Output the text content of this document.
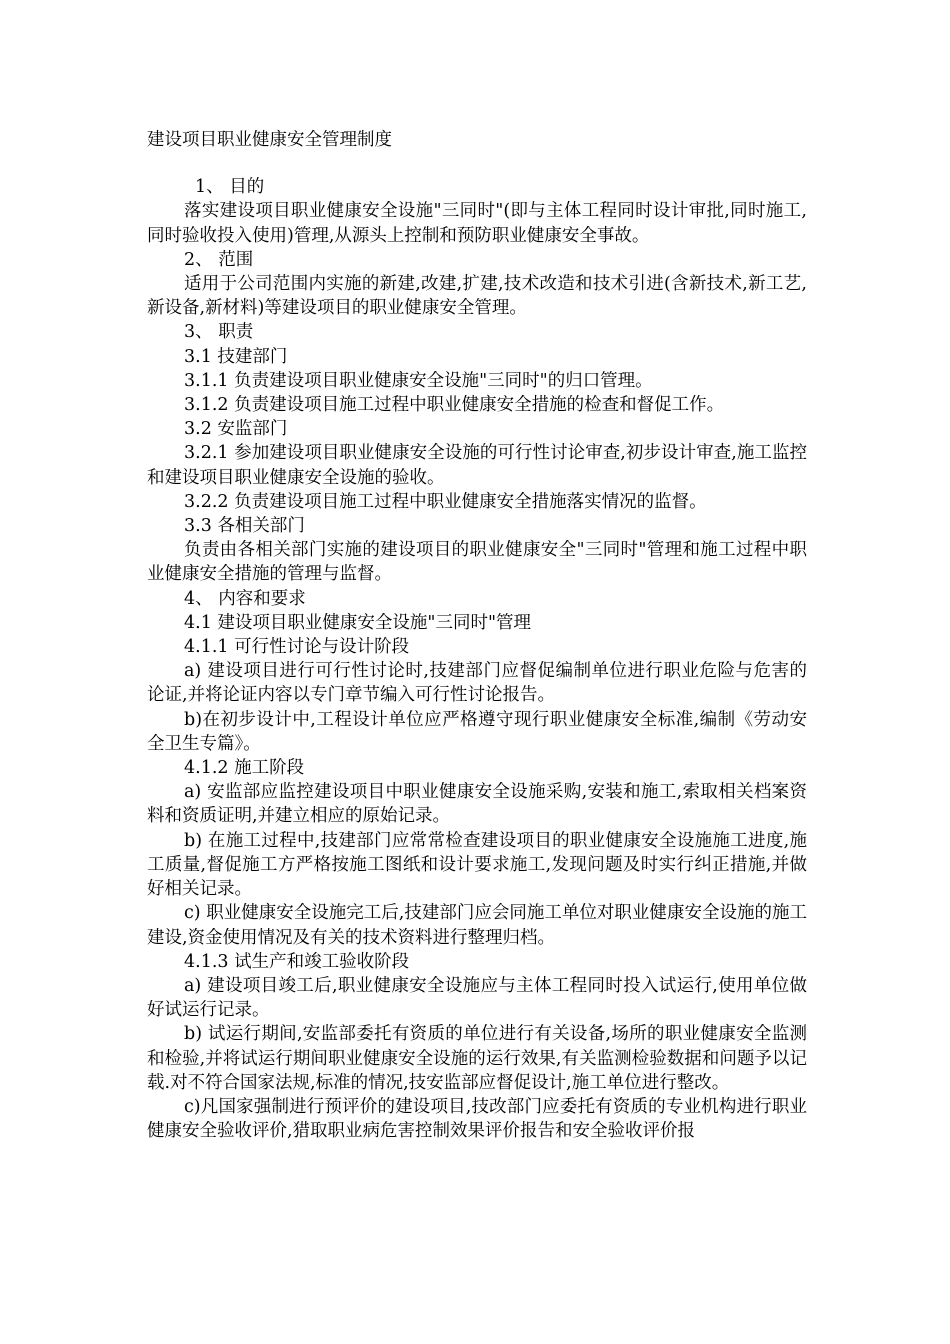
建设项目职业健康安全管理制度
1、 目的
落实建设项目职业健康安全设施"三同时"(即与主体工程同时设计审批,同时施工,同时验收投入使用)管理,从源头上控制和预防职业健康安全事故。
2、 范围
适用于公司范围内实施的新建,改建,扩建,技术改造和技术引进(含新技术,新工艺,新设备,新材料)等建设项目的职业健康安全管理。
3、 职责
3.1 技建部门
3.1.1 负责建设项目职业健康安全设施"三同时"的归口管理。
3.1.2 负责建设项目施工过程中职业健康安全措施的检查和督促工作。
3.2 安监部门
3.2.1 参加建设项目职业健康安全设施的可行性讨论审查,初步设计审查,施工监控和建设项目职业健康安全设施的验收。
3.2.2 负责建设项目施工过程中职业健康安全措施落实情况的监督。
3.3 各相关部门
负责由各相关部门实施的建设项目的职业健康安全"三同时"管理和施工过程中职业健康安全措施的管理与监督。
4、 内容和要求
4.1 建设项目职业健康安全设施"三同时"管理
4.1.1 可行性讨论与设计阶段
a) 建设项目进行可行性讨论时,技建部门应督促编制单位进行职业危险与危害的论证,并将论证内容以专门章节编入可行性讨论报告。
b)在初步设计中,工程设计单位应严格遵守现行职业健康安全标准,编制《劳动安全卫生专篇》。
4.1.2 施工阶段
a) 安监部应监控建设项目中职业健康安全设施采购,安装和施工,索取相关档案资料和资质证明,并建立相应的原始记录。
b) 在施工过程中,技建部门应常常检查建设项目的职业健康安全设施施工进度,施工质量,督促施工方严格按施工图纸和设计要求施工,发现问题及时实行纠正措施,并做好相关记录。
c) 职业健康安全设施完工后,技建部门应会同施工单位对职业健康安全设施的施工建设,资金使用情况及有关的技术资料进行整理归档。
4.1.3 试生产和竣工验收阶段
a) 建设项目竣工后,职业健康安全设施应与主体工程同时投入试运行,使用单位做好试运行记录。
b) 试运行期间,安监部委托有资质的单位进行有关设备,场所的职业健康安全监测和检验,并将试运行期间职业健康安全设施的运行效果,有关监测检验数据和问题予以记载.对不符合国家法规,标准的情况,技安监部应督促设计,施工单位进行整改。
c)凡国家强制进行预评价的建设项目,技改部门应委托有资质的专业机构进行职业健康安全验收评价,猎取职业病危害控制效果评价报告和安全验收评价报
